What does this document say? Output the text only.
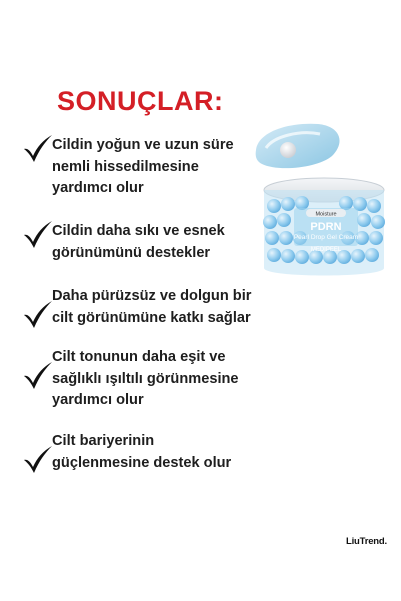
SONUÇLAR:
Cildin yoğun ve uzun süre
nemli hissedilmesine
yardımcı olur
Cildin daha sıkı ve esnek
görünümünü destekler
Daha pürüzsüz ve dolgun bir
cilt görünümüne katkı sağlar
Cilt tonunun daha eşit ve
sağlıklı ışıltılı görünmesine
yardımcı olur
Cilt bariyerinin
güçlenmesine destek olur
Moisture
PDRN
Pearl Drop Gel Cream
MEDIPEEL
LiuTrend.
